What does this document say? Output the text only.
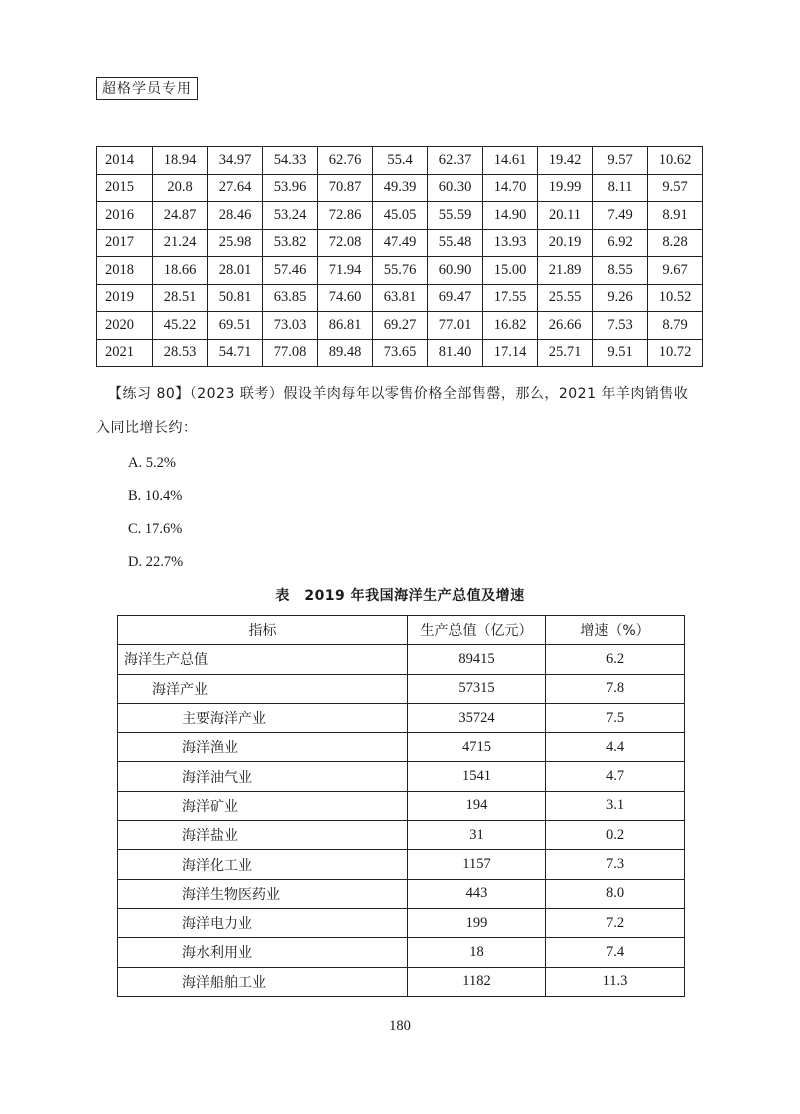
超格学员专用
2014	18.94	34.97	54.33	62.76	55.4	62.37	14.61	19.42	9.57	10.62
2015	20.8	27.64	53.96	70.87	49.39	60.30	14.70	19.99	8.11	9.57
2016	24.87	28.46	53.24	72.86	45.05	55.59	14.90	20.11	7.49	8.91
2017	21.24	25.98	53.82	72.08	47.49	55.48	13.93	20.19	6.92	8.28
2018	18.66	28.01	57.46	71.94	55.76	60.90	15.00	21.89	8.55	9.67
2019	28.51	50.81	63.85	74.60	63.81	69.47	17.55	25.55	9.26	10.52
2020	45.22	69.51	73.03	86.81	69.27	77.01	16.82	26.66	7.53	8.79
2021	28.53	54.71	77.08	89.48	73.65	81.40	17.14	25.71	9.51	10.72
【练习 80】（2023 联考）假设羊肉每年以零售价格全部售罄，那么，2021 年羊肉销售收
入同比增长约：
A. 5.2%
B. 10.4%
C. 17.6%
D. 22.7%
表　2019 年我国海洋生产总值及增速
指标	生产总值（亿元）	增速（%）
海洋生产总值	89415	6.2
海洋产业	57315	7.8
主要海洋产业	35724	7.5
海洋渔业	4715	4.4
海洋油气业	1541	4.7
海洋矿业	194	3.1
海洋盐业	31	0.2
海洋化工业	1157	7.3
海洋生物医药业	443	8.0
海洋电力业	199	7.2
海水利用业	18	7.4
海洋船舶工业	1182	11.3
180
